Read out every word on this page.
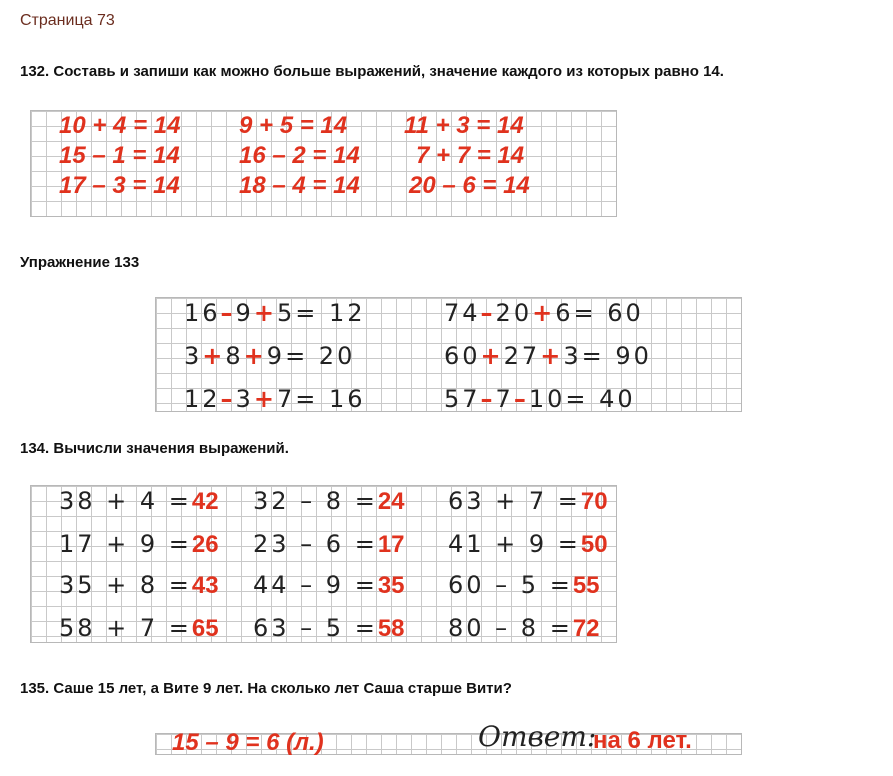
Страница 73
132. Составь и запиши как можно больше выражений, значение каждого из которых равно 14.
10 + 4 = 14 9 + 5 = 14 11 + 3 = 14
15 – 1 = 14 16 – 2 = 14 7 + 7 = 14
17 – 3 = 14 18 – 4 = 14 20 – 6 = 14
Упражнение 133
16–9+5= 12	74–20+6= 60
3+8+9= 20	60+27+3= 90
12–3+7= 16	57–7–10= 40
134. Вычисли значения выражений.
38 + 4 =42 32 – 8 =24 63 + 7 =70
17 + 9 =26 23 – 6 =17 41 + 9 =50
35 + 8 =43 44 – 9 =35 60 – 5 =55
58 + 7 =65 63 – 5 =58 80 – 8 =72
135. Саше 15 лет, а Вите 9 лет. На сколько лет Саша старше Вити?
15 – 9 = 6 (л.)	Ответ:
на 6 лет.
